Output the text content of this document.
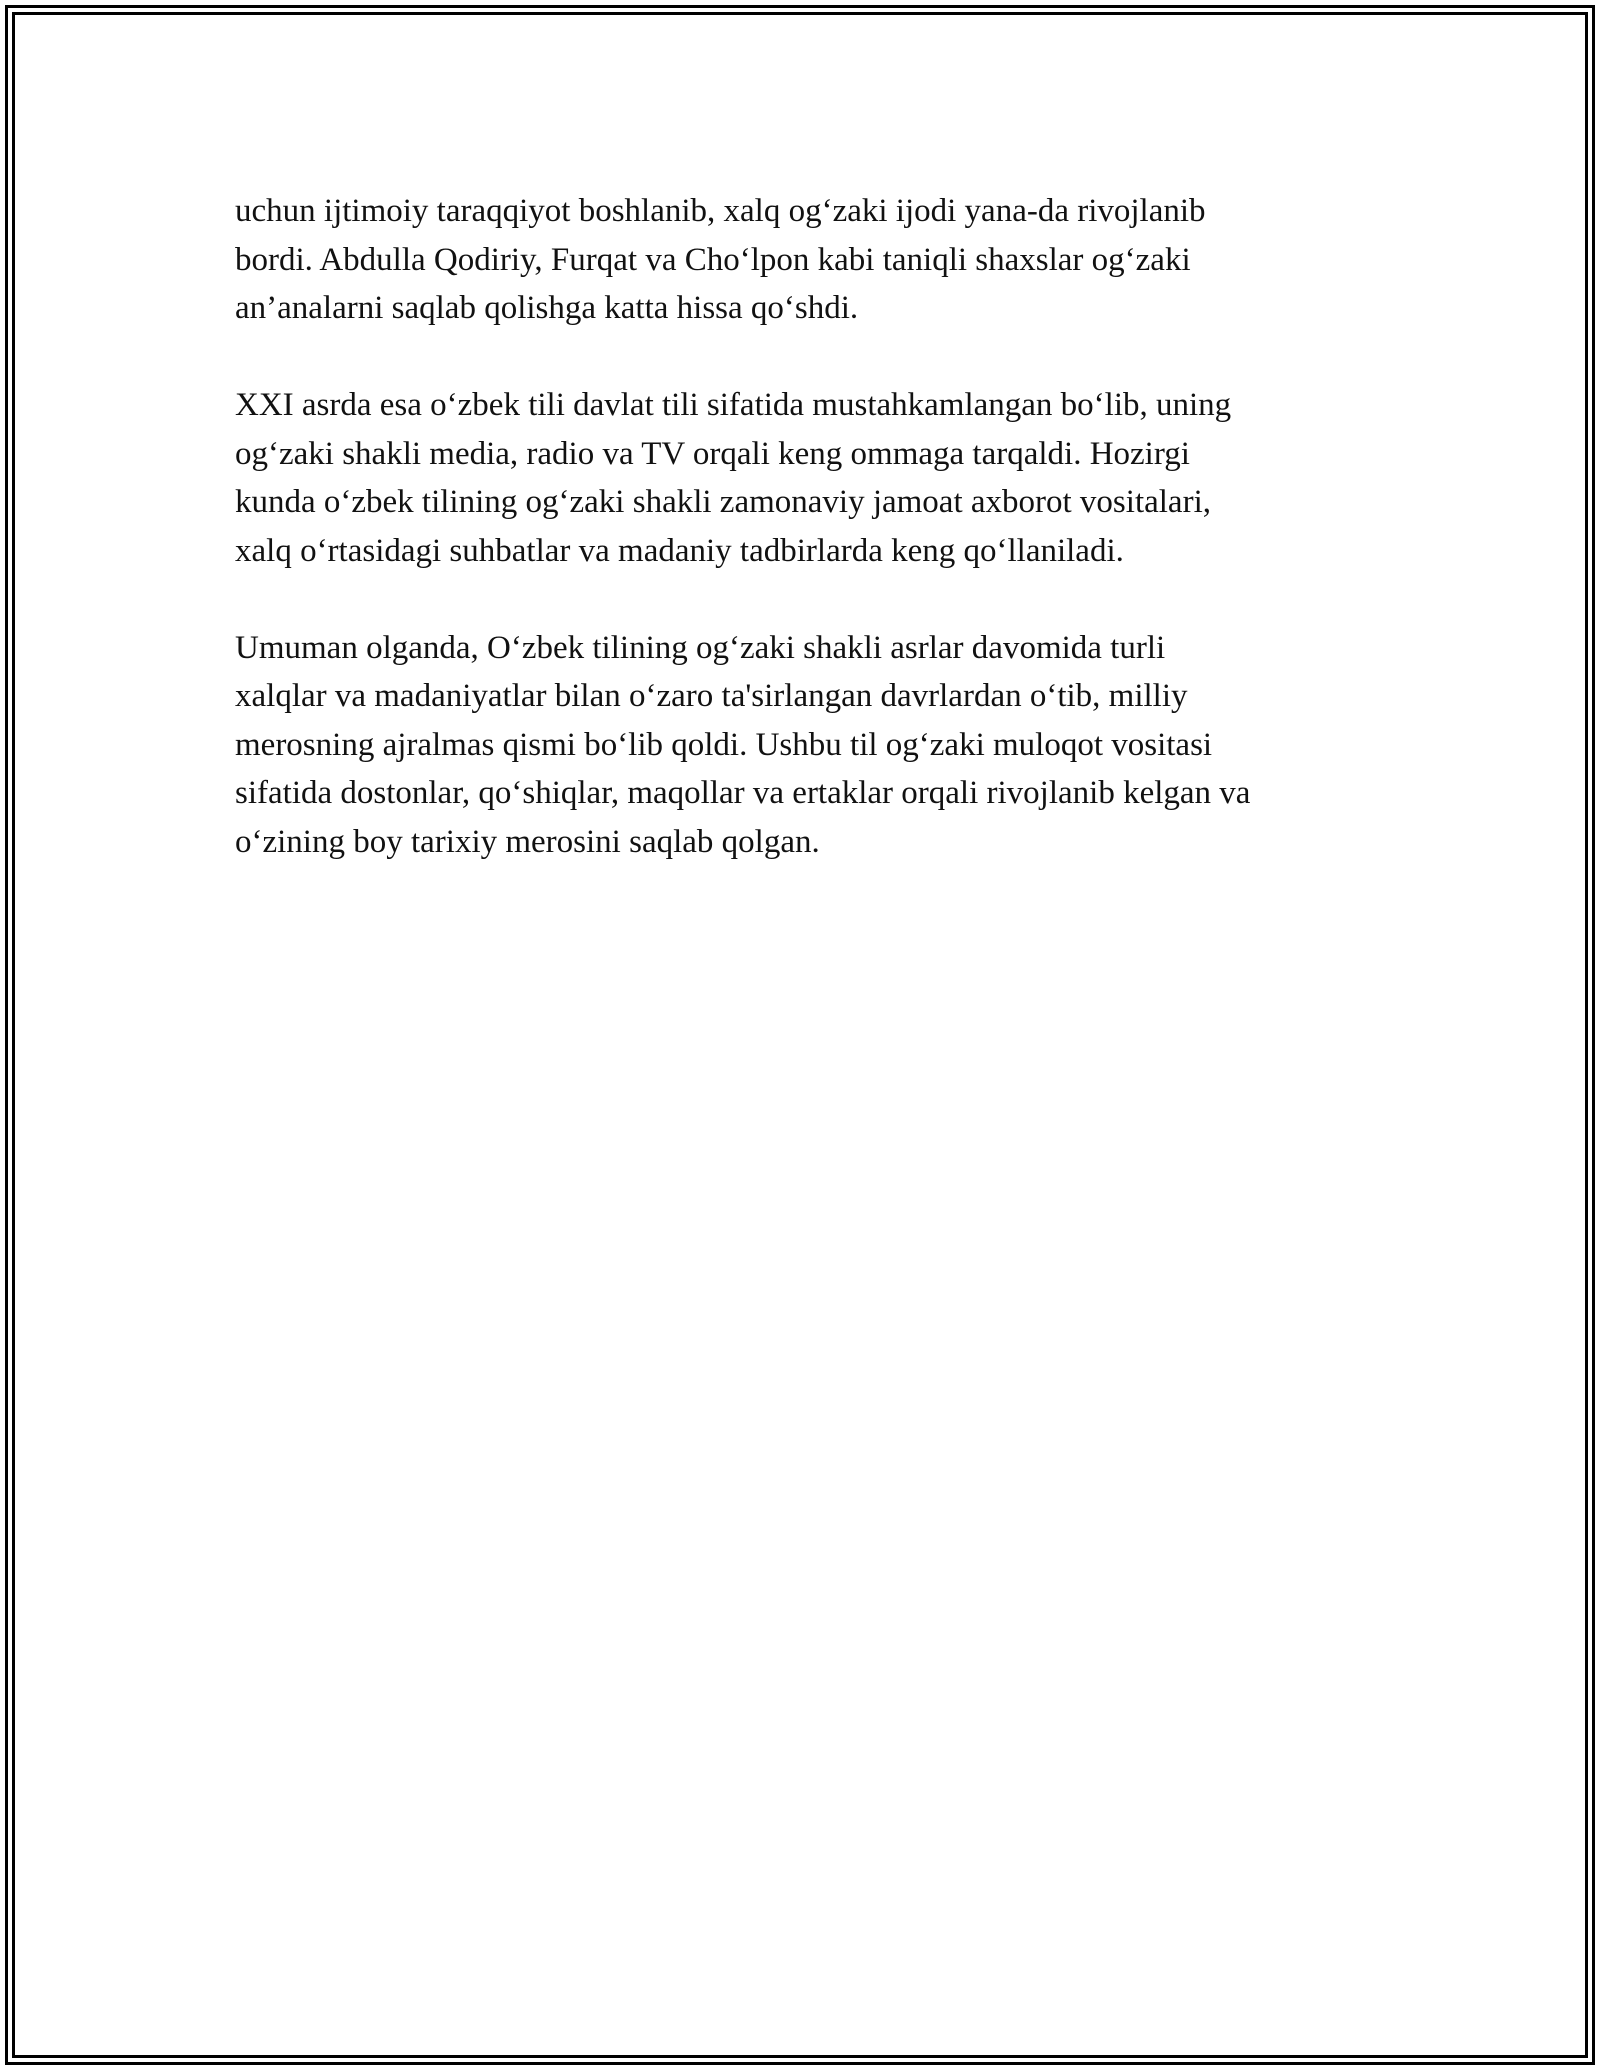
uchun ijtimoiy taraqqiyot boshlanib, xalq og‘zaki ijodi yana-da rivojlanib
bordi. Abdulla Qodiriy, Furqat va Cho‘lpon kabi taniqli shaxslar og‘zaki
an’analarni saqlab qolishga katta hissa qo‘shdi.

XXI asrda esa o‘zbek tili davlat tili sifatida mustahkamlangan bo‘lib, uning
og‘zaki shakli media, radio va TV orqali keng ommaga tarqaldi. Hozirgi
kunda o‘zbek tilining og‘zaki shakli zamonaviy jamoat axborot vositalari,
xalq o‘rtasidagi suhbatlar va madaniy tadbirlarda keng qo‘llaniladi.

Umuman olganda, O‘zbek tilining og‘zaki shakli asrlar davomida turli
xalqlar va madaniyatlar bilan o‘zaro ta'sirlangan davrlardan o‘tib, milliy
merosning ajralmas qismi bo‘lib qoldi. Ushbu til og‘zaki muloqot vositasi
sifatida dostonlar, qo‘shiqlar, maqollar va ertaklar orqali rivojlanib kelgan va
o‘zining boy tarixiy merosini saqlab qolgan.
